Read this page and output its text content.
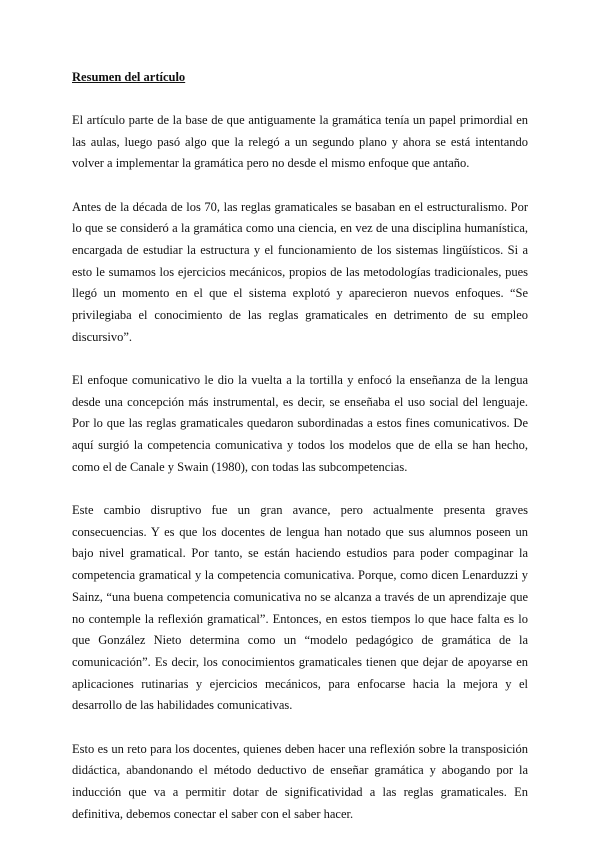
Resumen del artículo

El artículo parte de la base de que antiguamente la gramática tenía un papel primordial en las aulas, luego pasó algo que la relegó a un segundo plano y ahora se está intentando volver a implementar la gramática pero no desde el mismo enfoque que antaño.

Antes de la década de los 70, las reglas gramaticales se basaban en el estructuralismo. Por lo que se consideró a la gramática como una ciencia, en vez de una disciplina humanística, encargada de estudiar la estructura y el funcionamiento de los sistemas lingüísticos. Si a esto le sumamos los ejercicios mecánicos, propios de las metodologías tradicionales, pues llegó un momento en el que el sistema explotó y aparecieron nuevos enfoques. “Se privilegiaba el conocimiento de las reglas gramaticales en detrimento de su empleo discursivo”.

El enfoque comunicativo le dio la vuelta a la tortilla y enfocó la enseñanza de la lengua desde una concepción más instrumental, es decir, se enseñaba el uso social del lenguaje. Por lo que las reglas gramaticales quedaron subordinadas a estos fines comunicativos. De aquí surgió la competencia comunicativa y todos los modelos que de ella se han hecho, como el de Canale y Swain (1980), con todas las subcompetencias.

Este cambio disruptivo fue un gran avance, pero actualmente presenta graves consecuencias. Y es que los docentes de lengua han notado que sus alumnos poseen un bajo nivel gramatical. Por tanto, se están haciendo estudios para poder compaginar la competencia gramatical y la competencia comunicativa. Porque, como dicen Lenarduzzi y Sainz, “una buena competencia comunicativa no se alcanza a través de un aprendizaje que no contemple la reflexión gramatical”. Entonces, en estos tiempos lo que hace falta es lo que González Nieto determina como un “modelo pedagógico de gramática de la comunicación”. Es decir, los conocimientos gramaticales tienen que dejar de apoyarse en aplicaciones rutinarias y ejercicios mecánicos, para enfocarse hacia la mejora y el desarrollo de las habilidades comunicativas.

Esto es un reto para los docentes, quienes deben hacer una reflexión sobre la transposición didáctica, abandonando el método deductivo de enseñar gramática y abogando por la inducción que va a permitir dotar de significatividad a las reglas gramaticales. En definitiva, debemos conectar el saber con el saber hacer.
